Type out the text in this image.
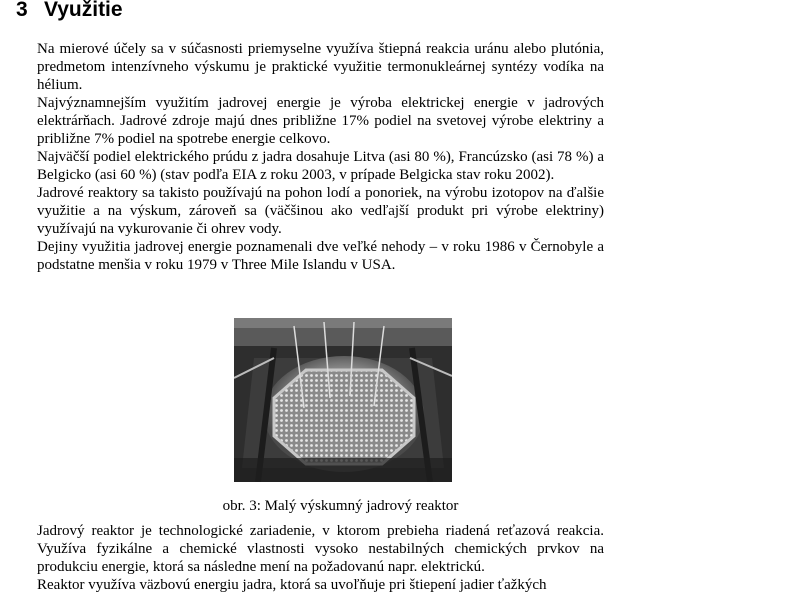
3 Využitie

Na mierové účely sa v súčasnosti priemyselne využíva štiepná reakcia uránu alebo plutónia, predmetom intenzívneho výskumu je praktické využitie termonukleárnej syntézy vodíka na hélium.

Najvýznamnejším využitím jadrovej energie je výroba elektrickej energie v jadrových elektrárňach. Jadrové zdroje majú dnes približne 17% podiel na svetovej výrobe elektriny a približne 7% podiel na spotrebe energie celkovo.

Najväčší podiel elektrického prúdu z jadra dosahuje Litva (asi 80 %), Francúzsko (asi 78 %) a Belgicko (asi 60 %) (stav podľa EIA z roku 2003, v prípade Belgicka stav roku 2002).

Jadrové reaktory sa takisto používajú na pohon lodí a ponoriek, na výrobu izotopov na ďalšie využitie a na výskum, zároveň sa (väčšinou ako vedľajší produkt pri výrobe elektriny) využívajú na vykurovanie či ohrev vody.

Dejiny využitia jadrovej energie poznamenali dve veľké nehody – v roku 1986 v Černobyle a podstatne menšia v roku 1979 v Three Mile Islandu v USA.

obr. 3: Malý výskumný jadrový reaktor

Jadrový reaktor je technologické zariadenie, v ktorom prebieha riadená reťazová reakcia. Využíva fyzikálne a chemické vlastnosti vysoko nestabilných chemických prvkov na produkciu energie, ktorá sa následne mení na požadovanú napr. elektrickú.

Reaktor využíva väzbovú energiu jadra, ktorá sa uvoľňuje pri štiepení jadier ťažkých
